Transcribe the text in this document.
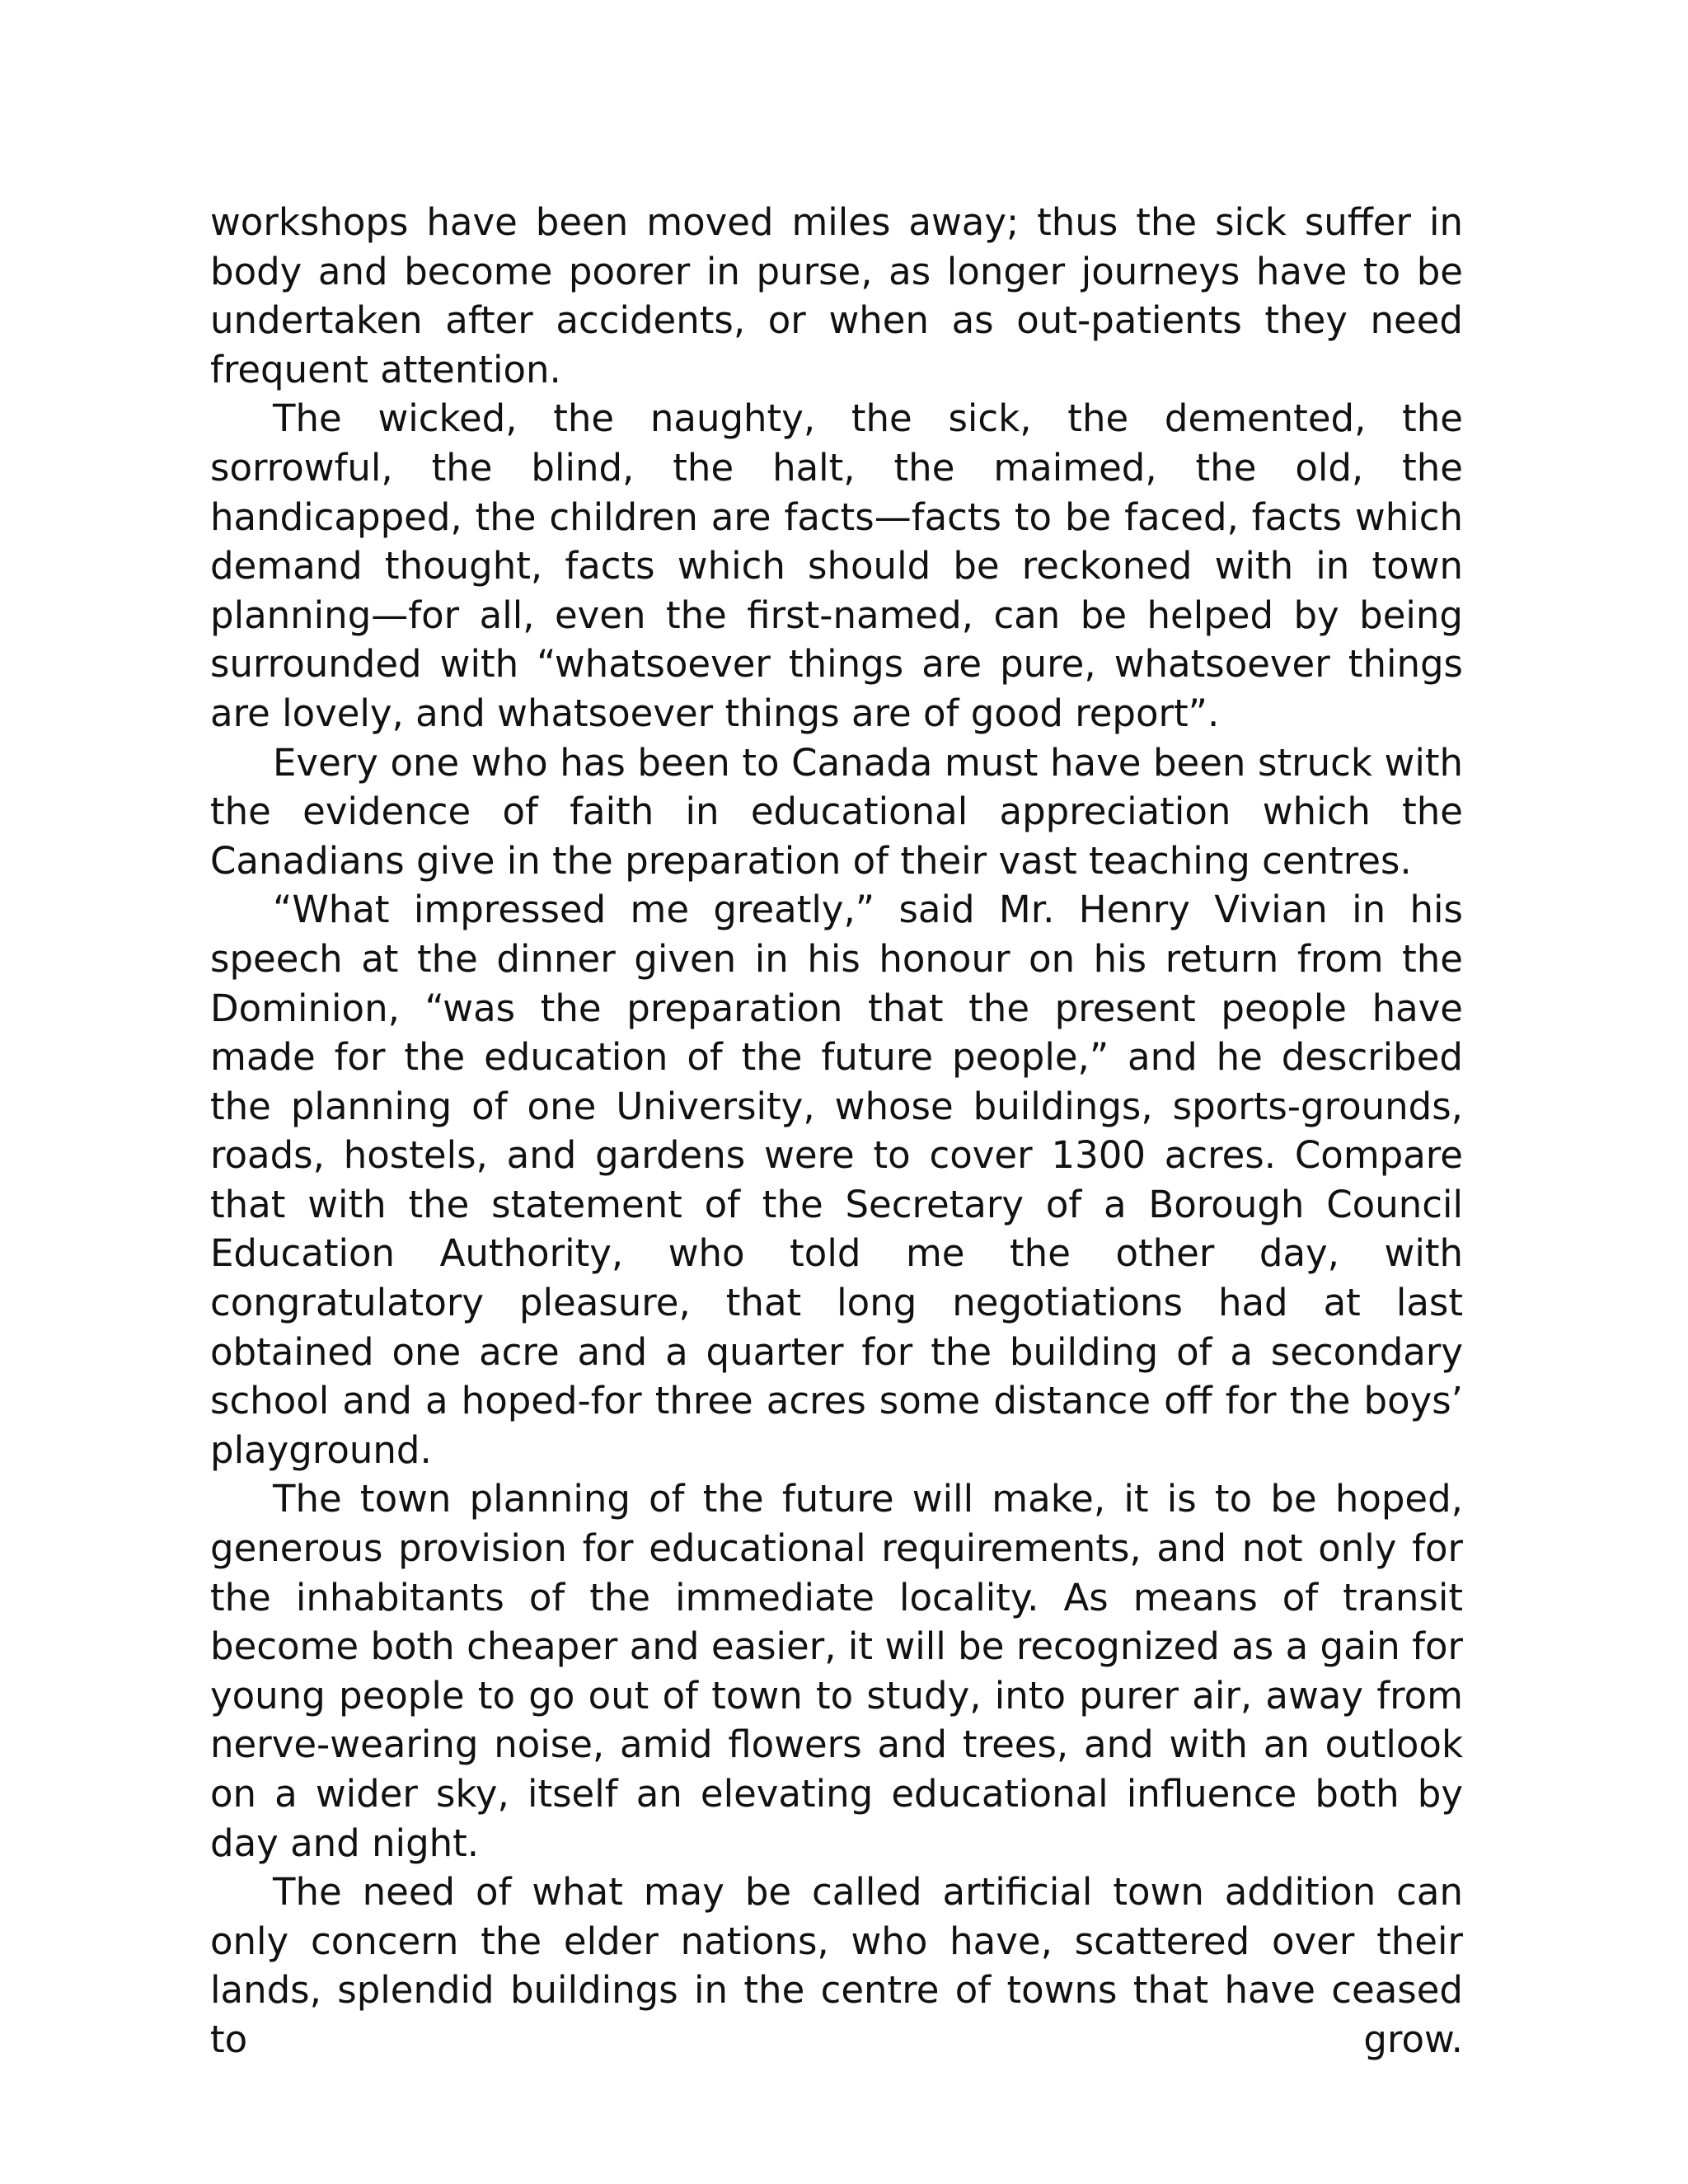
workshops have been moved miles away; thus the sick suffer in body and become poorer in purse, as longer journeys have to be undertaken after accidents, or when as out-patients they need frequent attention.

The wicked, the naughty, the sick, the demented, the sorrowful, the blind, the halt, the maimed, the old, the handicapped, the children are facts—facts to be faced, facts which demand thought, facts which should be reckoned with in town planning—for all, even the first-named, can be helped by being surrounded with “whatsoever things are pure, whatsoever things are lovely, and whatsoever things are of good report”.

Every one who has been to Canada must have been struck with the evidence of faith in educational appreciation which the Canadians give in the preparation of their vast teaching centres.

“What impressed me greatly,” said Mr. Henry Vivian in his speech at the dinner given in his honour on his return from the Dominion, “was the preparation that the present people have made for the education of the future people,” and he described the planning of one University, whose buildings, sports-grounds, roads, hostels, and gardens were to cover 1300 acres. Compare that with the statement of the Secretary of a Borough Council Education Authority, who told me the other day, with congratulatory pleasure, that long negotiations had at last obtained one acre and a quarter for the building of a secondary school and a hoped-for three acres some distance off for the boys’ playground.

The town planning of the future will make, it is to be hoped, generous provision for educational requirements, and not only for the inhabitants of the immediate locality. As means of transit become both cheaper and easier, it will be recognized as a gain for young people to go out of town to study, into purer air, away from nerve-wearing noise, amid flowers and trees, and with an outlook on a wider sky, itself an elevating educational influence both by day and night.

The need of what may be called artificial town addition can only concern the elder nations, who have, scattered over their lands, splendid buildings in the centre of towns that have ceased to grow.
